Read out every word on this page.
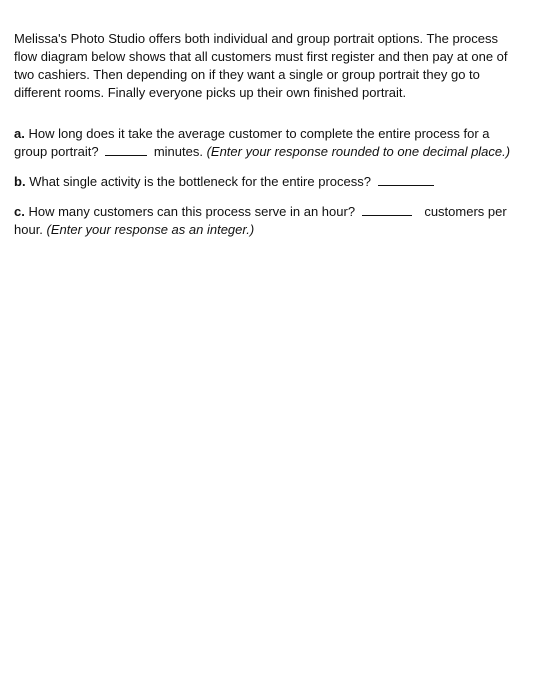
Melissa's Photo Studio offers both individual and group portrait options. The process flow diagram below shows that all customers must first register and then pay at one of two cashiers. Then depending on if they want a single or group portrait they go to different rooms. Finally everyone picks up their own finished portrait.

a. How long does it take the average customer to complete the entire process for a group portrait?	minutes. (Enter your response rounded to one decimal place.)

b. What single activity is the bottleneck for the entire process?

c. How many customers can this process serve in an hour?	customers per hour. (Enter your response as an integer.)
